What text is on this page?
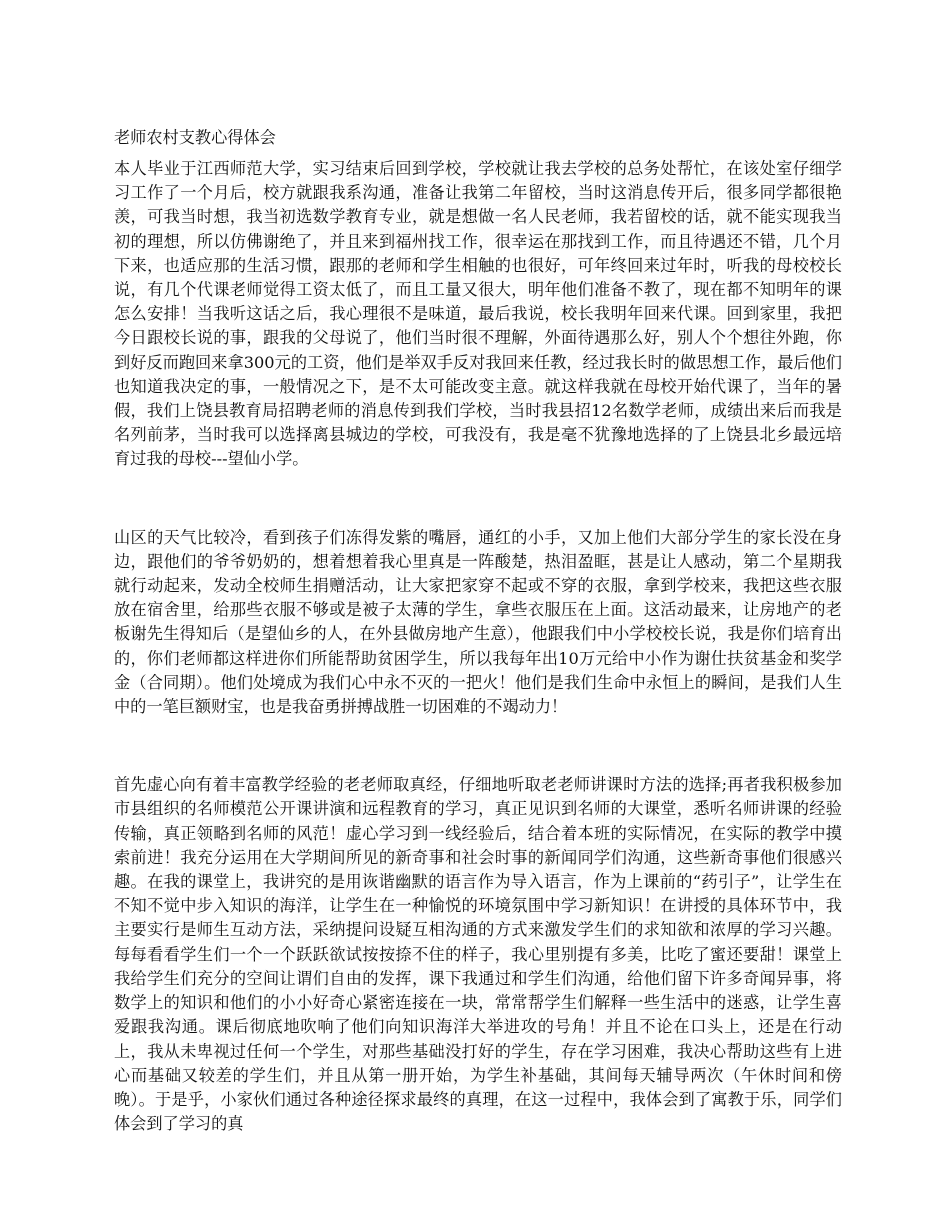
老师农村支教心得体会

本人毕业于江西师范大学，实习结束后回到学校，学校就让我去学校的总务处帮忙，在该处室仔细学习工作了一个月后，校方就跟我系沟通，准备让我第二年留校，当时这消息传开后，很多同学都很艳羡，可我当时想，我当初选数学教育专业，就是想做一名人民老师，我若留校的话，就不能实现我当初的理想，所以仿佛谢绝了，并且来到福州找工作，很幸运在那找到工作，而且待遇还不错，几个月下来，也适应那的生活习惯，跟那的老师和学生相触的也很好，可年终回来过年时，听我的母校校长说，有几个代课老师觉得工资太低了，而且工量又很大，明年他们准备不教了，现在都不知明年的课怎么安排！当我听这话之后，我心理很不是味道，最后我说，校长我明年回来代课。回到家里，我把今日跟校长说的事，跟我的父母说了，他们当时很不理解，外面待遇那么好，别人个个想往外跑，你到好反而跑回来拿300元的工资，他们是举双手反对我回来任教，经过我长时的做思想工作，最后他们也知道我决定的事，一般情况之下，是不太可能改变主意。就这样我就在母校开始代课了，当年的暑假，我们上饶县教育局招聘老师的消息传到我们学校，当时我县招12名数学老师，成绩出来后而我是名列前茅，当时我可以选择离县城边的学校，可我没有，我是毫不犹豫地选择的了上饶县北乡最远培育过我的母校---望仙小学。

山区的天气比较冷，看到孩子们冻得发紫的嘴唇，通红的小手，又加上他们大部分学生的家长没在身边，跟他们的爷爷奶奶的，想着想着我心里真是一阵酸楚，热泪盈眶，甚是让人感动，第二个星期我就行动起来，发动全校师生捐赠活动，让大家把家穿不起或不穿的衣服，拿到学校来，我把这些衣服放在宿舍里，给那些衣服不够或是被子太薄的学生，拿些衣服压在上面。这活动最来，让房地产的老板谢先生得知后（是望仙乡的人，在外县做房地产生意），他跟我们中小学校校长说，我是你们培育出的，你们老师都这样进你们所能帮助贫困学生，所以我每年出10万元给中小作为谢仕扶贫基金和奖学金（合同期）。他们处境成为我们心中永不灭的一把火！他们是我们生命中永恒上的瞬间，是我们人生中的一笔巨额财宝，也是我奋勇拼搏战胜一切困难的不竭动力！

首先虚心向有着丰富教学经验的老老师取真经，仔细地听取老老师讲课时方法的选择;再者我积极参加市县组织的名师模范公开课讲演和远程教育的学习，真正见识到名师的大课堂，悉听名师讲课的经验传输，真正领略到名师的风范！虚心学习到一线经验后，结合着本班的实际情况，在实际的教学中摸索前进！我充分运用在大学期间所见的新奇事和社会时事的新闻同学们沟通，这些新奇事他们很感兴趣。在我的课堂上，我讲究的是用诙谐幽默的语言作为导入语言，作为上课前的“药引子”，让学生在不知不觉中步入知识的海洋，让学生在一种愉悦的环境氛围中学习新知识！在讲授的具体环节中，我主要实行是师生互动方法，采纳提问设疑互相沟通的方式来激发学生们的求知欲和浓厚的学习兴趣。每每看看学生们一个一个跃跃欲试按按捺不住的样子，我心里别提有多美，比吃了蜜还要甜！课堂上我给学生们充分的空间让谓们自由的发挥，课下我通过和学生们沟通，给他们留下许多奇闻异事，将数学上的知识和他们的小小好奇心紧密连接在一块，常常帮学生们解释一些生活中的迷惑，让学生喜爱跟我沟通。课后彻底地吹响了他们向知识海洋大举进攻的号角！并且不论在口头上，还是在行动上，我从未卑视过任何一个学生，对那些基础没打好的学生，存在学习困难，我决心帮助这些有上进心而基础又较差的学生们，并且从第一册开始，为学生补基础，其间每天辅导两次（午休时间和傍晚）。于是乎，小家伙们通过各种途径探求最终的真理，在这一过程中，我体会到了寓教于乐，同学们体会到了学习的真
